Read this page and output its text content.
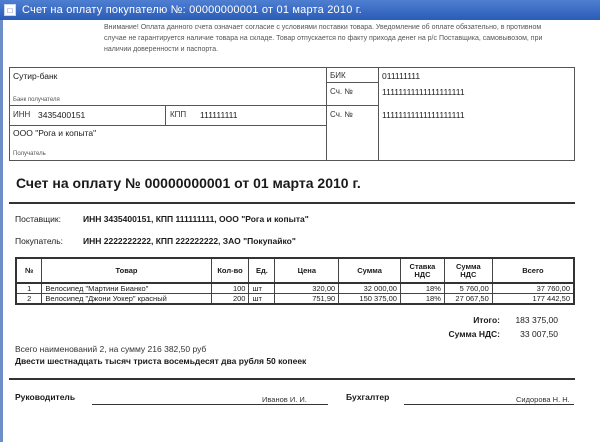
□ Счет на оплату покупателю №: 00000000001 от 01 марта 2010 г.
Внимание! Оплата данного счета означает согласие с условиями поставки товара. Уведомление об оплате обязательно, в противном случае не гарантируется наличие товара на складе. Товар отпускается по факту прихода денег на р/с Поставщика, самовывозом, при наличии доверенности и паспорта.
Сутир-банк
Банк получателя
БИК	011111111
Сч. №	11111111111111111111
ИНН 3435400151	КПП 111111111	Сч. №	11111111111111111111
ООО "Рога и копыта"
Получатель
Счет на оплату № 00000000001 от 01 марта 2010 г.
Поставщик:	ИНН 3435400151, КПП 111111111, ООО "Рога и копыта"
Покупатель: ИНН 2222222222, КПП 222222222, ЗАО "Покупайко"
№	Товар	Кол-во	Ед.	Цена	Сумма	Ставка НДС	Сумма НДС	Всего
1	Велосипед "Мартини Бианко"	100	шт	320,00	32 000,00	18%	5 760,00	37 760,00
2	Велосипед "Джони Уокер" красный	200	шт	751,90	150 375,00	18%	27 067,50	177 442,50
Итого: 183 375,00
Сумма НДС: 33 007,50
Всего наименований 2, на сумму 216 382,50 руб
Двести шестнадцать тысяч триста восемьдесят два рубля 50 копеек
Руководитель	Иванов И. И.	Бухгалтер	Сидорова Н. Н.
